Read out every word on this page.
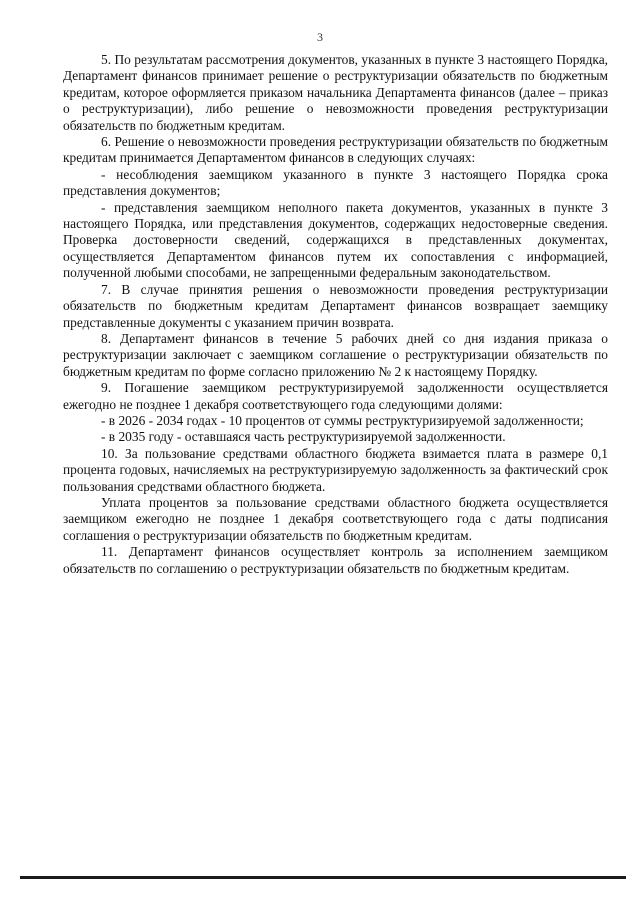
3

5. По результатам рассмотрения документов, указанных в пункте 3 настоящего Порядка, Департамент финансов принимает решение о реструктуризации обязательств по бюджетным кредитам, которое оформляется приказом начальника Департамента финансов (далее – приказ о реструктуризации), либо решение о невозможности проведения реструктуризации обязательств по бюджетным кредитам.

6. Решение о невозможности проведения реструктуризации обязательств по бюджетным кредитам принимается Департаментом финансов в следующих случаях:

- несоблюдения заемщиком указанного в пункте 3 настоящего Порядка срока представления документов;

- представления заемщиком неполного пакета документов, указанных в пункте 3 настоящего Порядка, или представления документов, содержащих недостоверные сведения. Проверка достоверности сведений, содержащихся в представленных документах, осуществляется Департаментом финансов путем их сопоставления с информацией, полученной любыми способами, не запрещенными федеральным законодательством.

7. В случае принятия решения о невозможности проведения реструктуризации обязательств по бюджетным кредитам Департамент финансов возвращает заемщику представленные документы с указанием причин возврата.

8. Департамент финансов в течение 5 рабочих дней со дня издания приказа о реструктуризации заключает с заемщиком соглашение о реструктуризации обязательств по бюджетным кредитам по форме согласно приложению № 2 к настоящему Порядку.

9. Погашение заемщиком реструктуризируемой задолженности осуществляется ежегодно не позднее 1 декабря соответствующего года следующими долями:

- в 2026 - 2034 годах - 10 процентов от суммы реструктуризируемой задолженности;

- в 2035 году - оставшаяся часть реструктуризируемой задолженности.

10. За пользование средствами областного бюджета взимается плата в размере 0,1 процента годовых, начисляемых на реструктуризируемую задолженность за фактический срок пользования средствами областного бюджета.

Уплата процентов за пользование средствами областного бюджета осуществляется заемщиком ежегодно не позднее 1 декабря соответствующего года с даты подписания соглашения о реструктуризации обязательств по бюджетным кредитам.

11. Департамент финансов осуществляет контроль за исполнением заемщиком обязательств по соглашению о реструктуризации обязательств по бюджетным кредитам.
